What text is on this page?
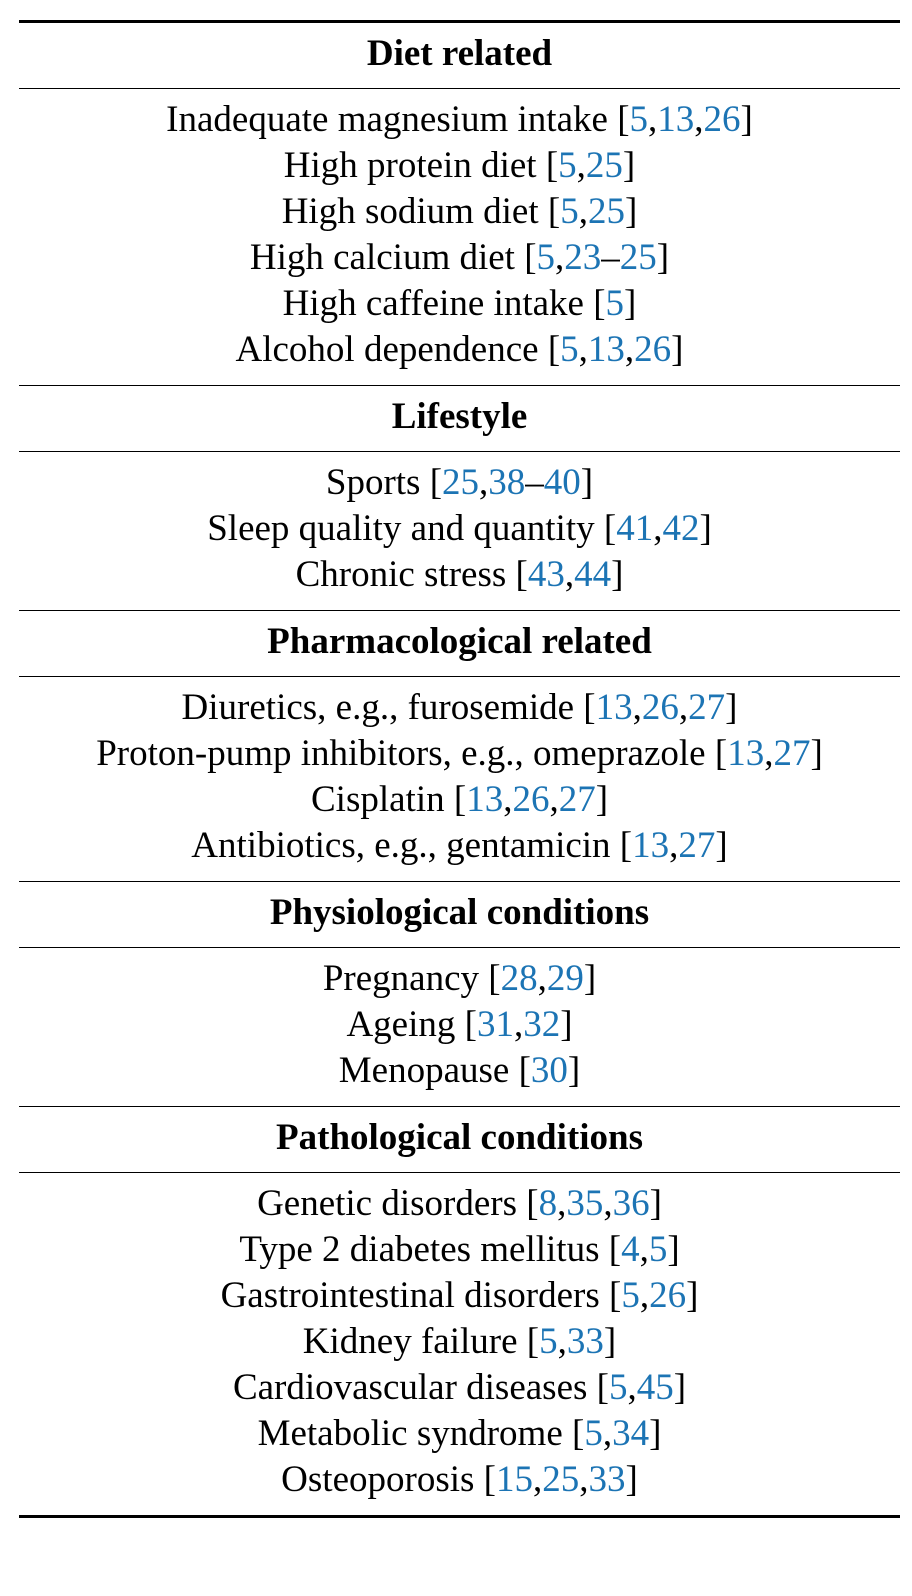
Diet related
Inadequate magnesium intake [5,13,26]
High protein diet [5,25]
High sodium diet [5,25]
High calcium diet [5,23–25]
High caffeine intake [5]
Alcohol dependence [5,13,26]
Lifestyle
Sports [25,38–40]
Sleep quality and quantity [41,42]
Chronic stress [43,44]
Pharmacological related
Diuretics, e.g., furosemide [13,26,27]
Proton-pump inhibitors, e.g., omeprazole [13,27]
Cisplatin [13,26,27]
Antibiotics, e.g., gentamicin [13,27]
Physiological conditions
Pregnancy [28,29]
Ageing [31,32]
Menopause [30]
Pathological conditions
Genetic disorders [8,35,36]
Type 2 diabetes mellitus [4,5]
Gastrointestinal disorders [5,26]
Kidney failure [5,33]
Cardiovascular diseases [5,45]
Metabolic syndrome [5,34]
Osteoporosis [15,25,33]
